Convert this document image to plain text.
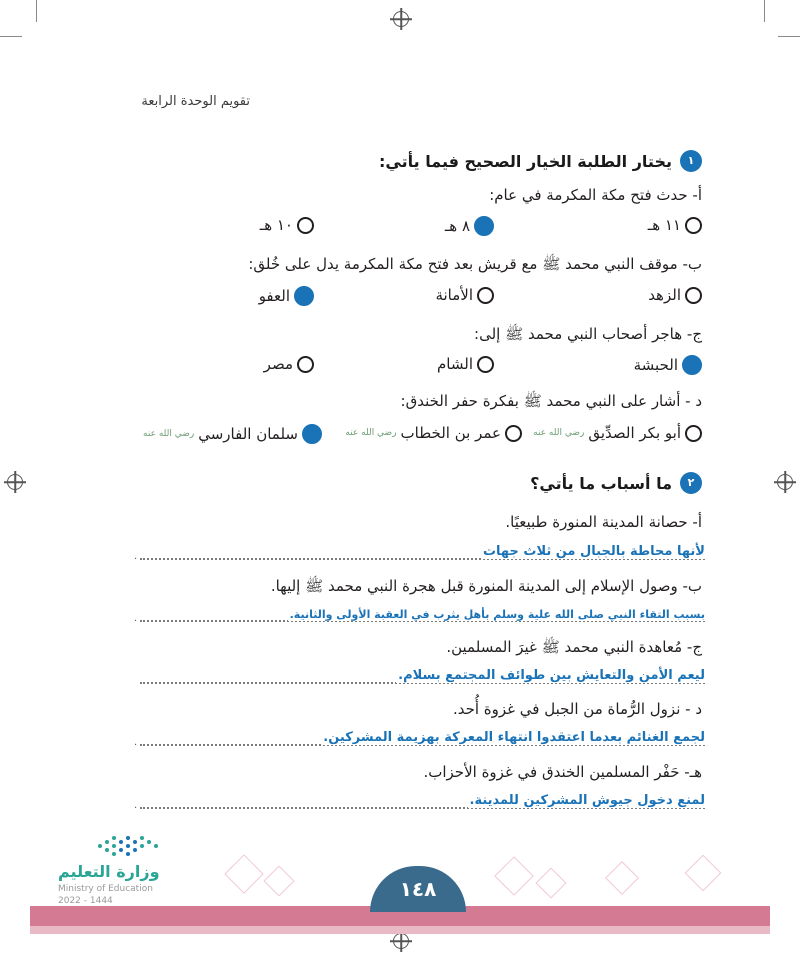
تقويم الوحدة الرابعة
١
يختار الطلبة الخيار الصحيح فيما يأتي:
أ- حدث فتح مكة المكرمة في عام:
١١ هـ
٨ هـ
١٠ هـ
ب- موقف النبي محمد ﷺ مع قريش بعد فتح مكة المكرمة يدل على خُلق:
الزهد
الأمانة
العفو
ج- هاجر أصحاب النبي محمد ﷺ إلى:
الحبشة
الشام
مصر
د - أشار على النبي محمد ﷺ بفكرة حفر الخندق:
أبو بكر الصدِّيق
رضي الله عنه
عمر بن الخطاب
رضي الله عنه
سلمان الفارسي
رضي الله عنه
٢
ما أسباب ما يأتي؟
أ- حصانة المدينة المنورة طبيعيًا.
.	لأنها محاطة بالجبال من ثلاث جهات
ب- وصول الإسلام إلى المدينة المنورة قبل هجرة النبي محمد ﷺ إليها.
.	بسبب التقاء النبي صلى الله علية وسلم بأهل يثرب في العقبة الأولى والثانية.
ج- مُعاهدة النبي محمد ﷺ غيرَ المسلمين.
ليعم الأمن والتعايش بين طوائف المجتمع بسلام.
د - نزول الرُّماة من الجبل في غزوة أُحد.
.	لجمع الغنائم بعدما اعتقدوا انتهاء المعركة بهزيمة المشركين.
هـ- حَفْر المسلمين الخندق في غزوة الأحزاب.
.	لمنع دخول جيوش المشركين للمدينة.
١٤٨
وزارة التعليم
Ministry of Education
2022 - 1444
